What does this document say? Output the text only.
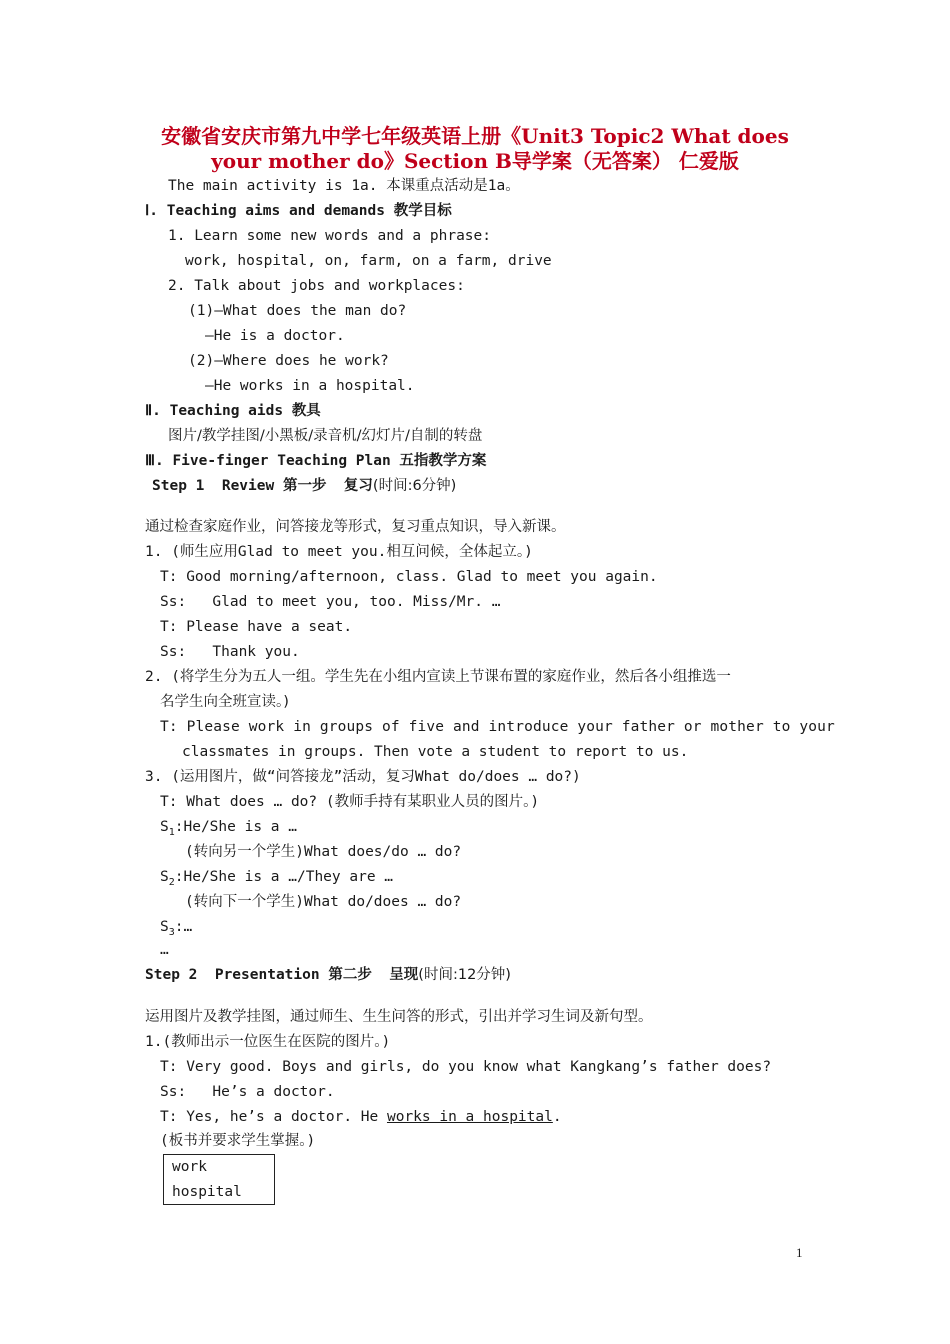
安徽省安庆市第九中学七年级英语上册《Unit3 Topic2 What does
your mother do》Section B导学案（无答案） 仁爱版
The main activity is 1a. 本课重点活动是1a。
Ⅰ. Teaching aims and demands 教学目标
1. Learn some new words and a phrase:
work, hospital, on, farm, on a farm, drive
2. Talk about jobs and workplaces:
(1)—What does the man do?
—He is a doctor.
(2)—Where does he work?
—He works in a hospital.
Ⅱ. Teaching aids 教具
图片/教学挂图/小黑板/录音机/幻灯片/自制的转盘
Ⅲ. Five-finger Teaching Plan 五指教学方案
Step 1  Review 第一步  复习(时间:6分钟)
通过检查家庭作业，问答接龙等形式，复习重点知识，导入新课。
1. (师生应用Glad to meet you.相互问候，全体起立。)
T: Good morning/afternoon, class. Glad to meet you again.
Ss:   Glad to meet you, too. Miss/Mr. …
T: Please have a seat.
Ss:   Thank you.
2. (将学生分为五人一组。学生先在小组内宣读上节课布置的家庭作业，然后各小组推选一
名学生向全班宣读。)
T: Please work in groups of five and introduce your father or mother to your
classmates in groups. Then vote a student to report to us.
3. (运用图片，做“问答接龙”活动，复习What do/does … do?)
T: What does … do? (教师手持有某职业人员的图片。)
$S_1:He$/She is a …
(转向另一个学生)What does/do … do?
$S_2:He$/She is a …/They are …
(转向下一个学生)What do/does … do?
$S_3:\dots$
…
Step 2  Presentation 第二步  呈现(时间:12分钟)
运用图片及教学挂图，通过师生、生生问答的形式，引出并学习生词及新句型。
1.(教师出示一位医生在医院的图片。)
T: Very good. Boys and girls, do you know what Kangkang’s father does?
Ss:   He’s a doctor.
T: Yes, he’s a doctor. He works in a hospital.
(板书并要求学生掌握。)
work
hospital
1
